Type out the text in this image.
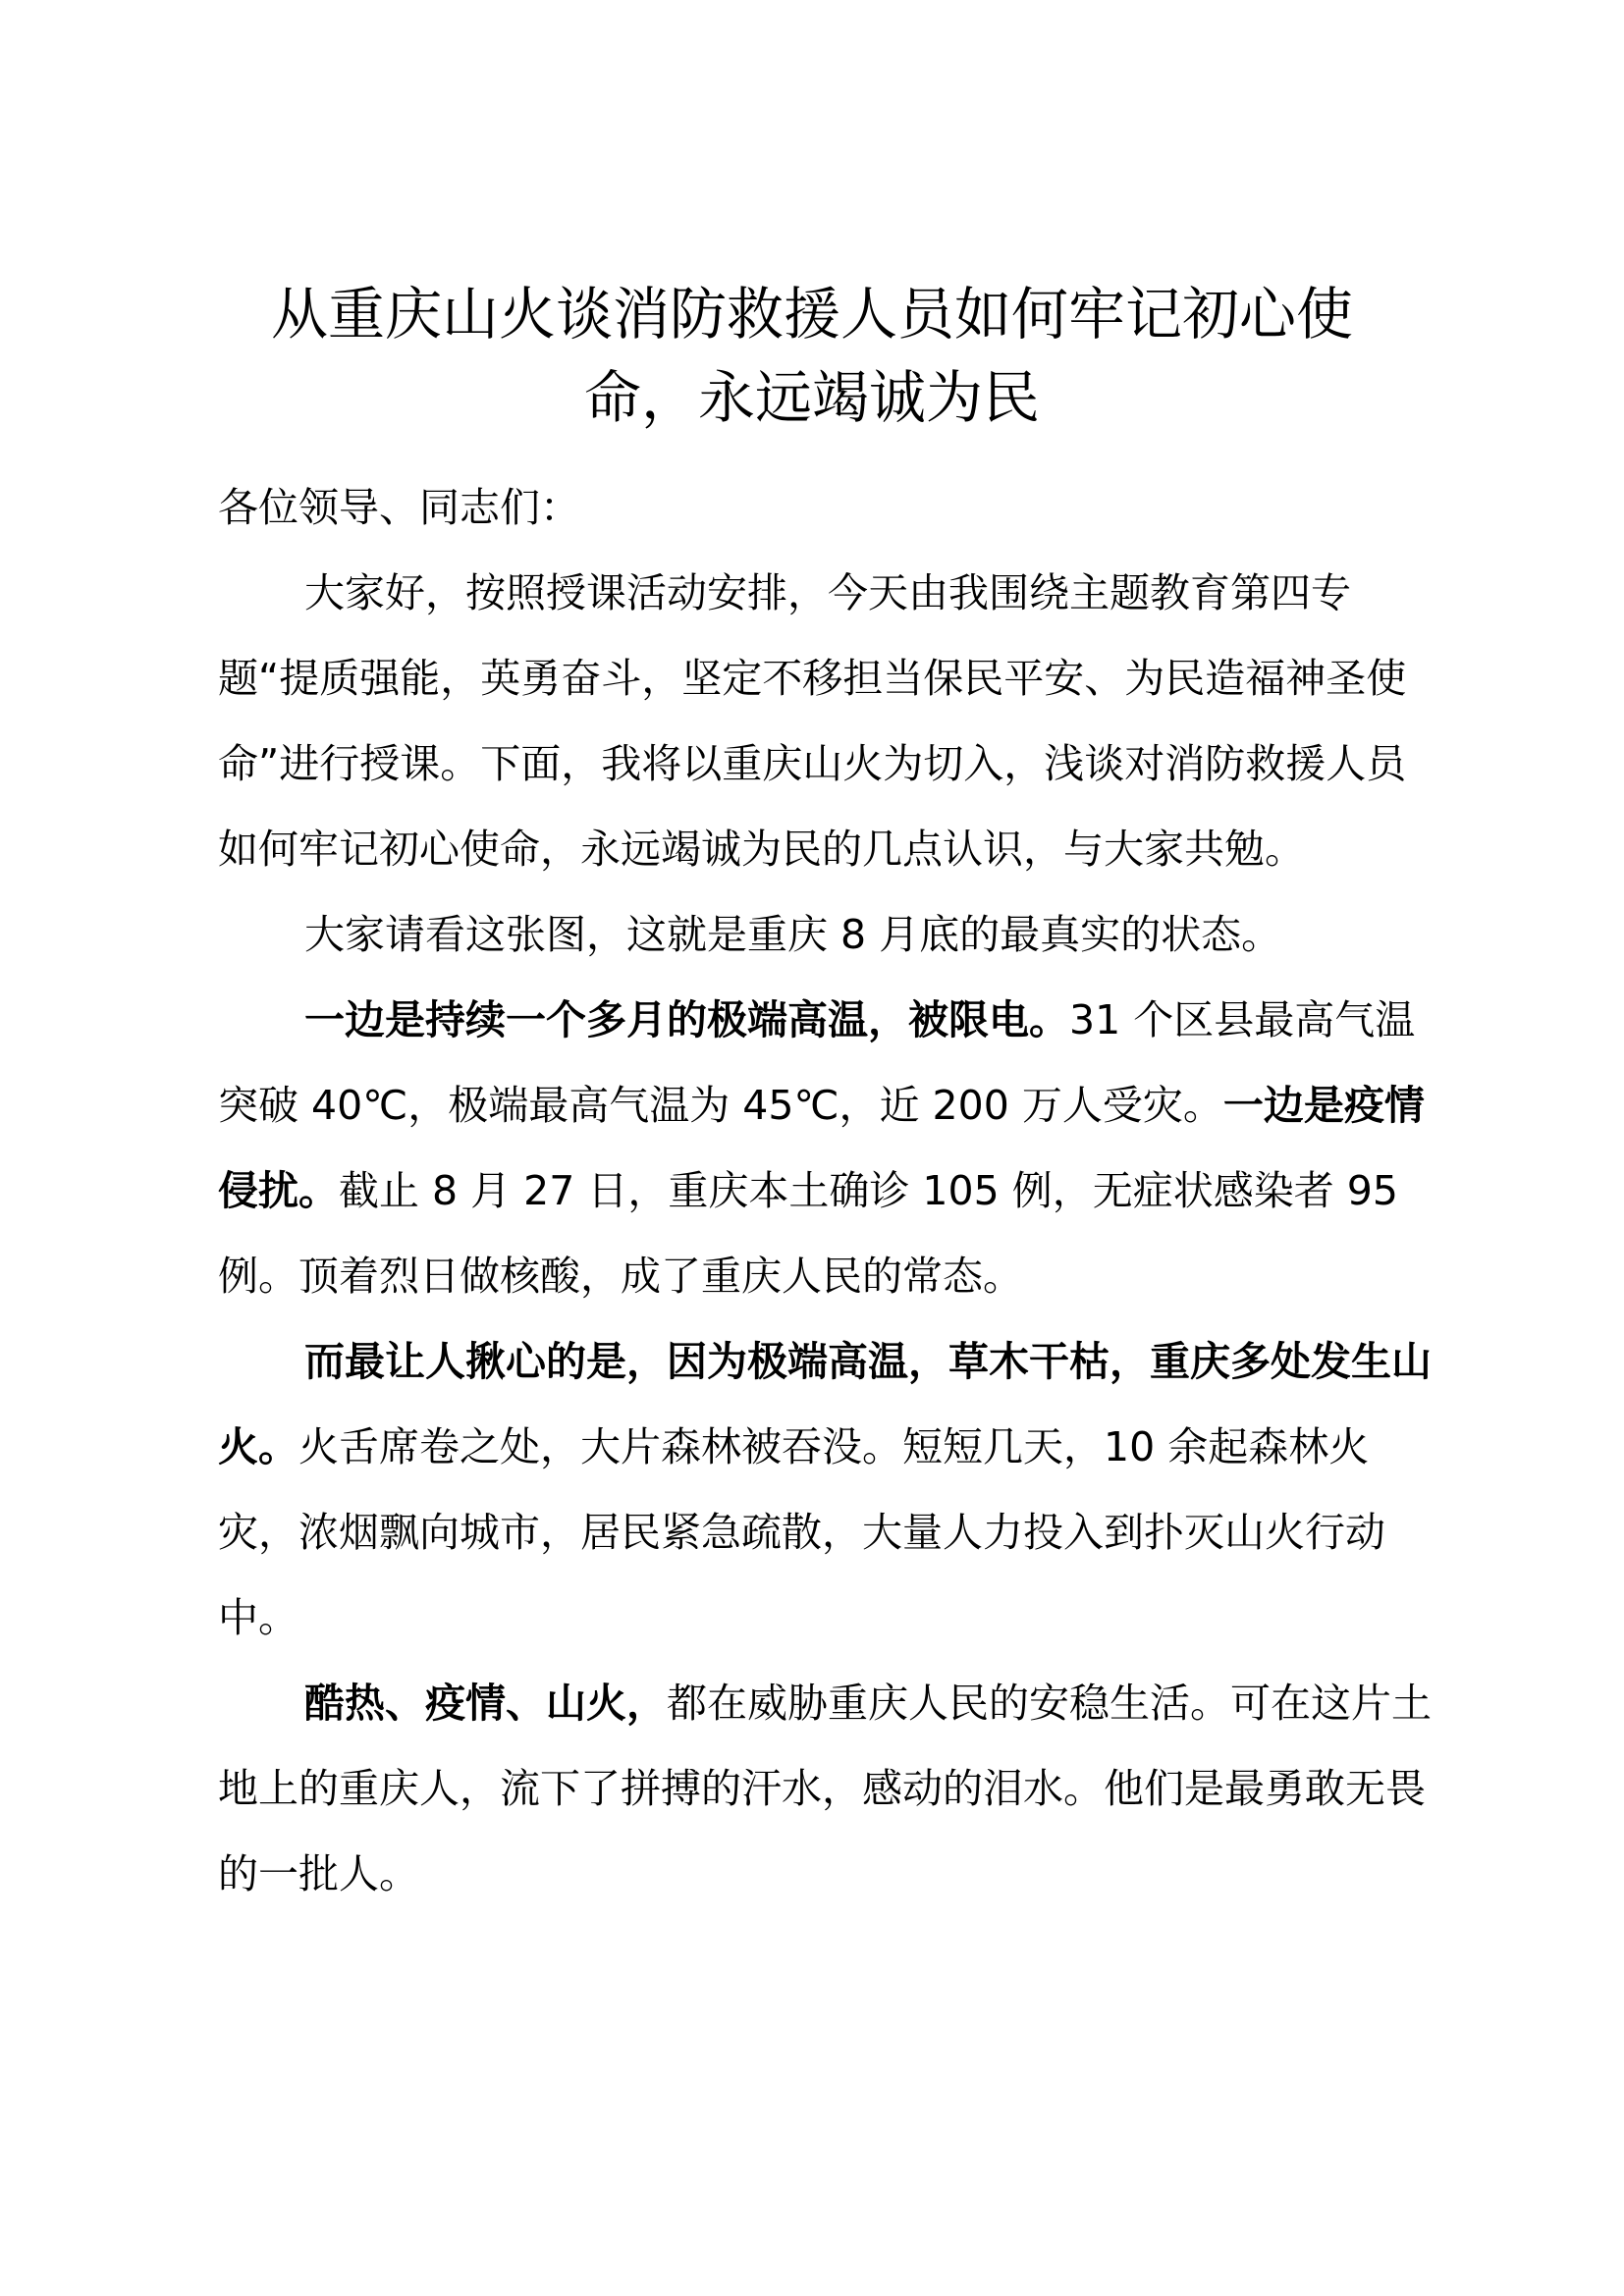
从重庆山火谈消防救援人员如何牢记初心使
命，永远竭诚为民

各位领导、同志们：

大家好，按照授课活动安排，今天由我围绕主题教育第四专题“提质强能，英勇奋斗，坚定不移担当保民平安、为民造福神圣使命”进行授课。下面，我将以重庆山火为切入，浅谈对消防救援人员如何牢记初心使命，永远竭诚为民的几点认识，与大家共勉。

大家请看这张图，这就是重庆 8 月底的最真实的状态。

一边是持续一个多月的极端高温，被限电。31 个区县最高气温突破 40℃，极端最高气温为 45℃，近 200 万人受灾。一边是疫情侵扰。截止 8 月 27 日，重庆本土确诊 105 例，无症状感染者 95 例。顶着烈日做核酸，成了重庆人民的常态。

而最让人揪心的是，因为极端高温，草木干枯，重庆多处发生山火。火舌席卷之处，大片森林被吞没。短短几天，10 余起森林火灾，浓烟飘向城市，居民紧急疏散，大量人力投入到扑灭山火行动中。

酷热、疫情、山火，都在威胁重庆人民的安稳生活。可在这片土地上的重庆人，流下了拼搏的汗水，感动的泪水。他们是最勇敢无畏的一批人。
